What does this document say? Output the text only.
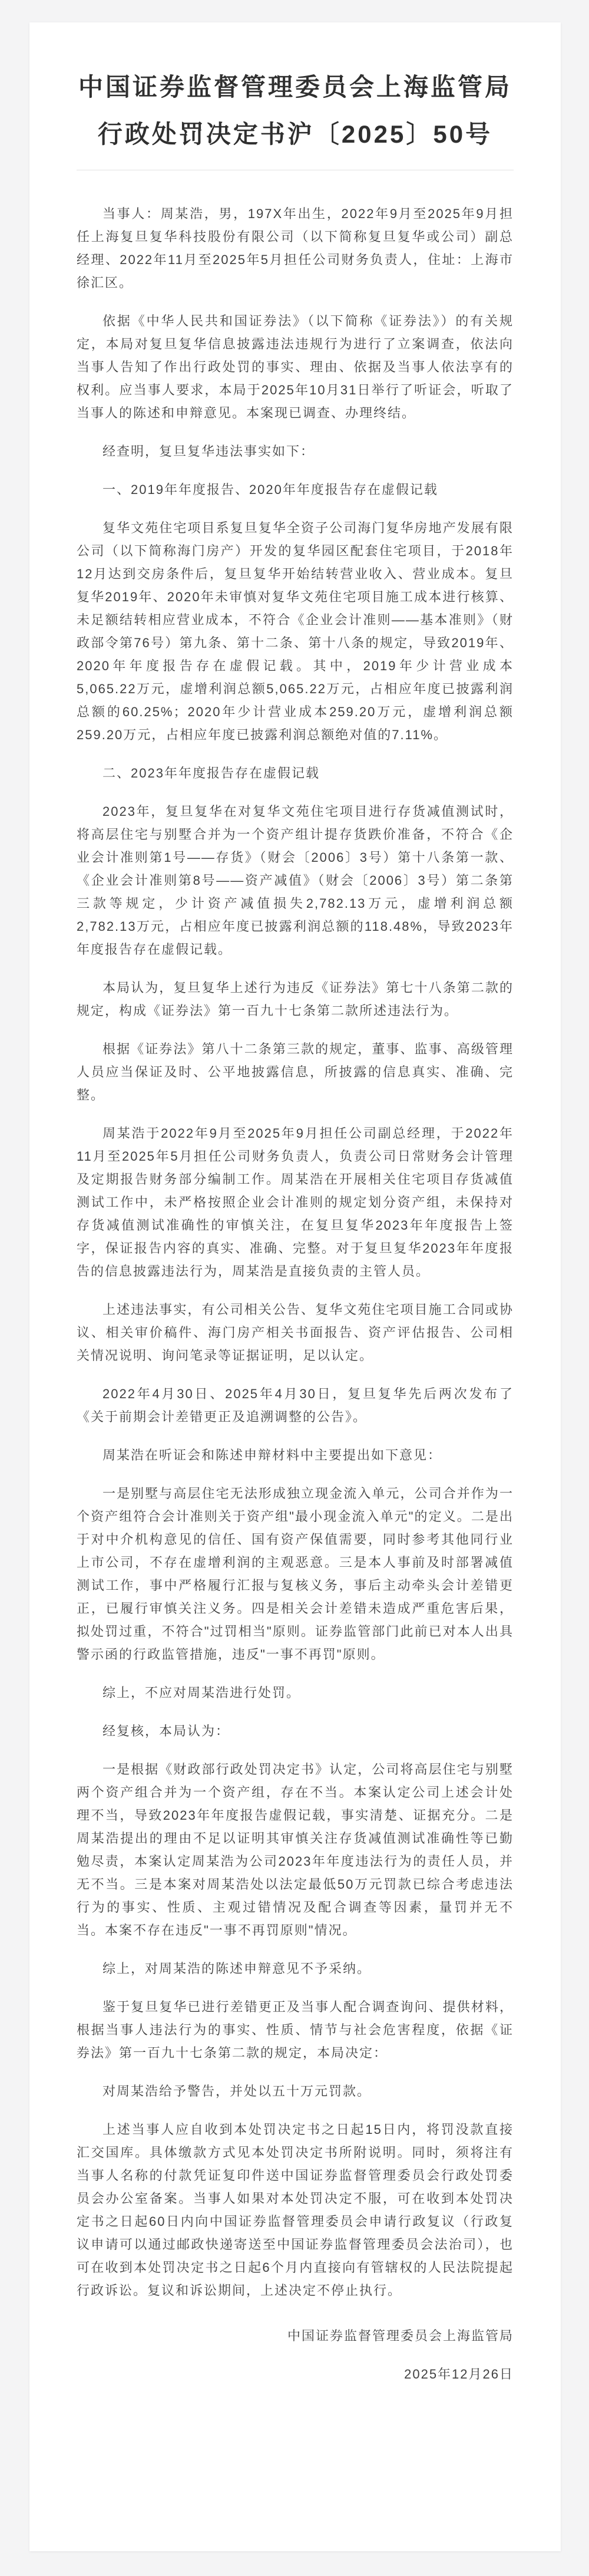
中国证券监督管理委员会上海监管局
行政处罚决定书沪〔2025〕50号

当事人：周某浩，男，197X年出生，2022年9月至2025年9月担任上海复旦复华科技股份有限公司（以下简称复旦复华或公司）副总经理、2022年11月至2025年5月担任公司财务负责人，住址：上海市徐汇区。

依据《中华人民共和国证券法》（以下简称《证券法》）的有关规定，本局对复旦复华信息披露违法违规行为进行了立案调查，依法向当事人告知了作出行政处罚的事实、理由、依据及当事人依法享有的权利。应当事人要求，本局于2025年10月31日举行了听证会，听取了当事人的陈述和申辩意见。本案现已调查、办理终结。

经查明，复旦复华违法事实如下：

一、2019年年度报告、2020年年度报告存在虚假记载

复华文苑住宅项目系复旦复华全资子公司海门复华房地产发展有限公司（以下简称海门房产）开发的复华园区配套住宅项目，于2018年12月达到交房条件后，复旦复华开始结转营业收入、营业成本。复旦复华2019年、2020年未审慎对复华文苑住宅项目施工成本进行核算、未足额结转相应营业成本，不符合《企业会计准则——基本准则》（财政部令第76号）第九条、第十二条、第十八条的规定，导致2019年、2020年年度报告存在虚假记载。其中，2019年少计营业成本5,065.22万元，虚增利润总额5,065.22万元，占相应年度已披露利润总额的60.25%；2020年少计营业成本259.20万元，虚增利润总额259.20万元，占相应年度已披露利润总额绝对值的7.11%。

二、2023年年度报告存在虚假记载

2023年，复旦复华在对复华文苑住宅项目进行存货减值测试时，将高层住宅与别墅合并为一个资产组计提存货跌价准备，不符合《企业会计准则第1号——存货》（财会〔2006〕3号）第十八条第一款、《企业会计准则第8号——资产减值》（财会〔2006〕3号）第二条第三款等规定，少计资产减值损失2,782.13万元，虚增利润总额2,782.13万元，占相应年度已披露利润总额的118.48%，导致2023年年度报告存在虚假记载。

本局认为，复旦复华上述行为违反《证券法》第七十八条第二款的规定，构成《证券法》第一百九十七条第二款所述违法行为。

根据《证券法》第八十二条第三款的规定，董事、监事、高级管理人员应当保证及时、公平地披露信息，所披露的信息真实、准确、完整。

周某浩于2022年9月至2025年9月担任公司副总经理，于2022年11月至2025年5月担任公司财务负责人，负责公司日常财务会计管理及定期报告财务部分编制工作。周某浩在开展相关住宅项目存货减值测试工作中，未严格按照企业会计准则的规定划分资产组，未保持对存货减值测试准确性的审慎关注，在复旦复华2023年年度报告上签字，保证报告内容的真实、准确、完整。对于复旦复华2023年年度报告的信息披露违法行为，周某浩是直接负责的主管人员。

上述违法事实，有公司相关公告、复华文苑住宅项目施工合同或协议、相关审价稿件、海门房产相关书面报告、资产评估报告、公司相关情况说明、询问笔录等证据证明，足以认定。

2022年4月30日、2025年4月30日，复旦复华先后两次发布了《关于前期会计差错更正及追溯调整的公告》。

周某浩在听证会和陈述申辩材料中主要提出如下意见：

一是别墅与高层住宅无法形成独立现金流入单元，公司合并作为一个资产组符合会计准则关于资产组"最小现金流入单元"的定义。二是出于对中介机构意见的信任、国有资产保值需要，同时参考其他同行业上市公司，不存在虚增利润的主观恶意。三是本人事前及时部署减值测试工作，事中严格履行汇报与复核义务，事后主动牵头会计差错更正，已履行审慎关注义务。四是相关会计差错未造成严重危害后果，拟处罚过重，不符合"过罚相当"原则。证券监管部门此前已对本人出具警示函的行政监管措施，违反"一事不再罚"原则。

综上，不应对周某浩进行处罚。

经复核，本局认为：

一是根据《财政部行政处罚决定书》认定，公司将高层住宅与别墅两个资产组合并为一个资产组，存在不当。本案认定公司上述会计处理不当，导致2023年年度报告虚假记载，事实清楚、证据充分。二是周某浩提出的理由不足以证明其审慎关注存货减值测试准确性等已勤勉尽责，本案认定周某浩为公司2023年年度违法行为的责任人员，并无不当。三是本案对周某浩处以法定最低50万元罚款已综合考虑违法行为的事实、性质、主观过错情况及配合调查等因素，量罚并无不当。本案不存在违反"一事不再罚原则"情况。

综上，对周某浩的陈述申辩意见不予采纳。

鉴于复旦复华已进行差错更正及当事人配合调查询问、提供材料，根据当事人违法行为的事实、性质、情节与社会危害程度，依据《证券法》第一百九十七条第二款的规定，本局决定：

对周某浩给予警告，并处以五十万元罚款。

上述当事人应自收到本处罚决定书之日起15日内，将罚没款直接汇交国库。具体缴款方式见本处罚决定书所附说明。同时，须将注有当事人名称的付款凭证复印件送中国证券监督管理委员会行政处罚委员会办公室备案。当事人如果对本处罚决定不服，可在收到本处罚决定书之日起60日内向中国证券监督管理委员会申请行政复议（行政复议申请可以通过邮政快递寄送至中国证券监督管理委员会法治司），也可在收到本处罚决定书之日起6个月内直接向有管辖权的人民法院提起行政诉讼。复议和诉讼期间，上述决定不停止执行。

中国证券监督管理委员会上海监管局

2025年12月26日
